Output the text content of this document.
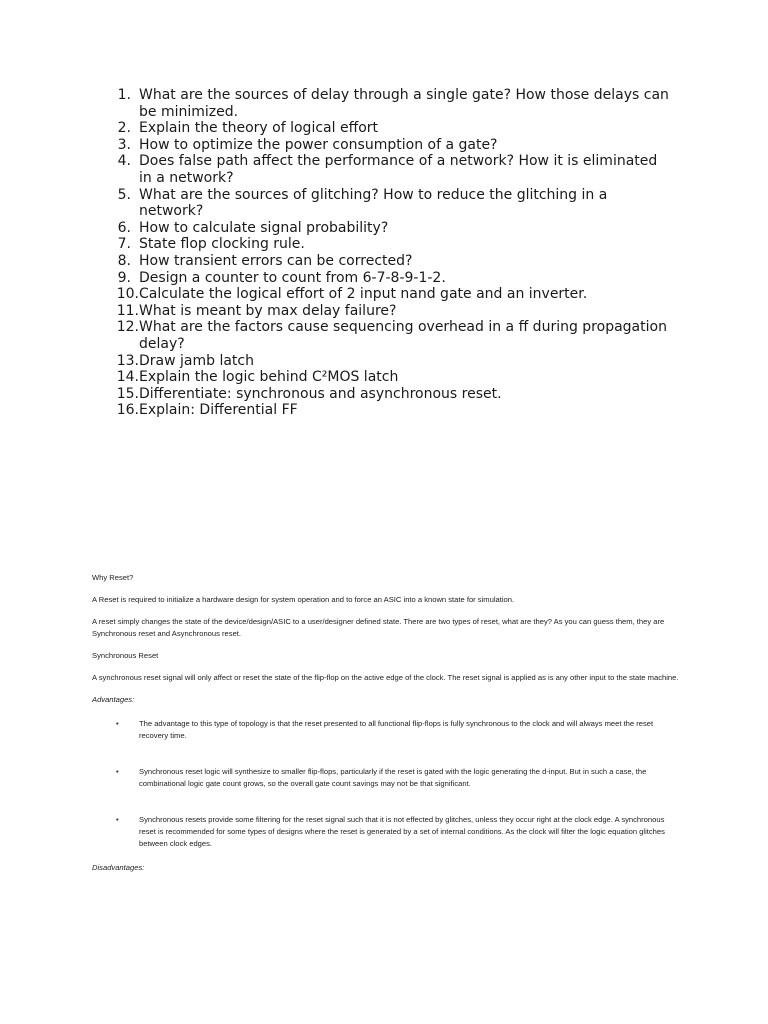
1. What are the sources of delay through a single gate? How those delays can be minimized.
2. Explain the theory of logical effort
3. How to optimize the power consumption of a gate?
4. Does false path affect the performance of a network? How it is eliminated in a network?
5. What are the sources of glitching? How to reduce the glitching in a network?
6. How to calculate signal probability?
7. State flop clocking rule.
8. How transient errors can be corrected?
9. Design a counter to count from 6-7-8-9-1-2.
10. Calculate the logical effort of 2 input nand gate and an inverter.
11. What is meant by max delay failure?
12. What are the factors cause sequencing overhead in a ff during propagation delay?
13. Draw jamb latch
14. Explain the logic behind C²MOS latch
15. Differentiate: synchronous and asynchronous reset.
16. Explain: Differential FF

Why Reset?

A Reset is required to initialize a hardware design for system operation and to force an ASIC into a known state for simulation.

A reset simply changes the state of the device/design/ASIC to a user/designer defined state. There are two types of reset, what are they? As you can guess them, they are Synchronous reset and Asynchronous reset.

Synchronous Reset

A synchronous reset signal will only affect or reset the state of the flip-flop on the active edge of the clock. The reset signal is applied as is any other input to the state machine.

Advantages:

•	The advantage to this type of topology is that the reset presented to all functional flip-flops is fully synchronous to the clock and will always meet the reset recovery time.

•	Synchronous reset logic will synthesize to smaller flip-flops, particularly if the reset is gated with the logic generating the d-input. But in such a case, the combinational logic gate count grows, so the overall gate count savings may not be that significant.

•	Synchronous resets provide some filtering for the reset signal such that it is not effected by glitches, unless they occur right at the clock edge. A synchronous reset is recommended for some types of designs where the reset is generated by a set of internal conditions. As the clock will filter the logic equation glitches between clock edges.

Disadvantages:
